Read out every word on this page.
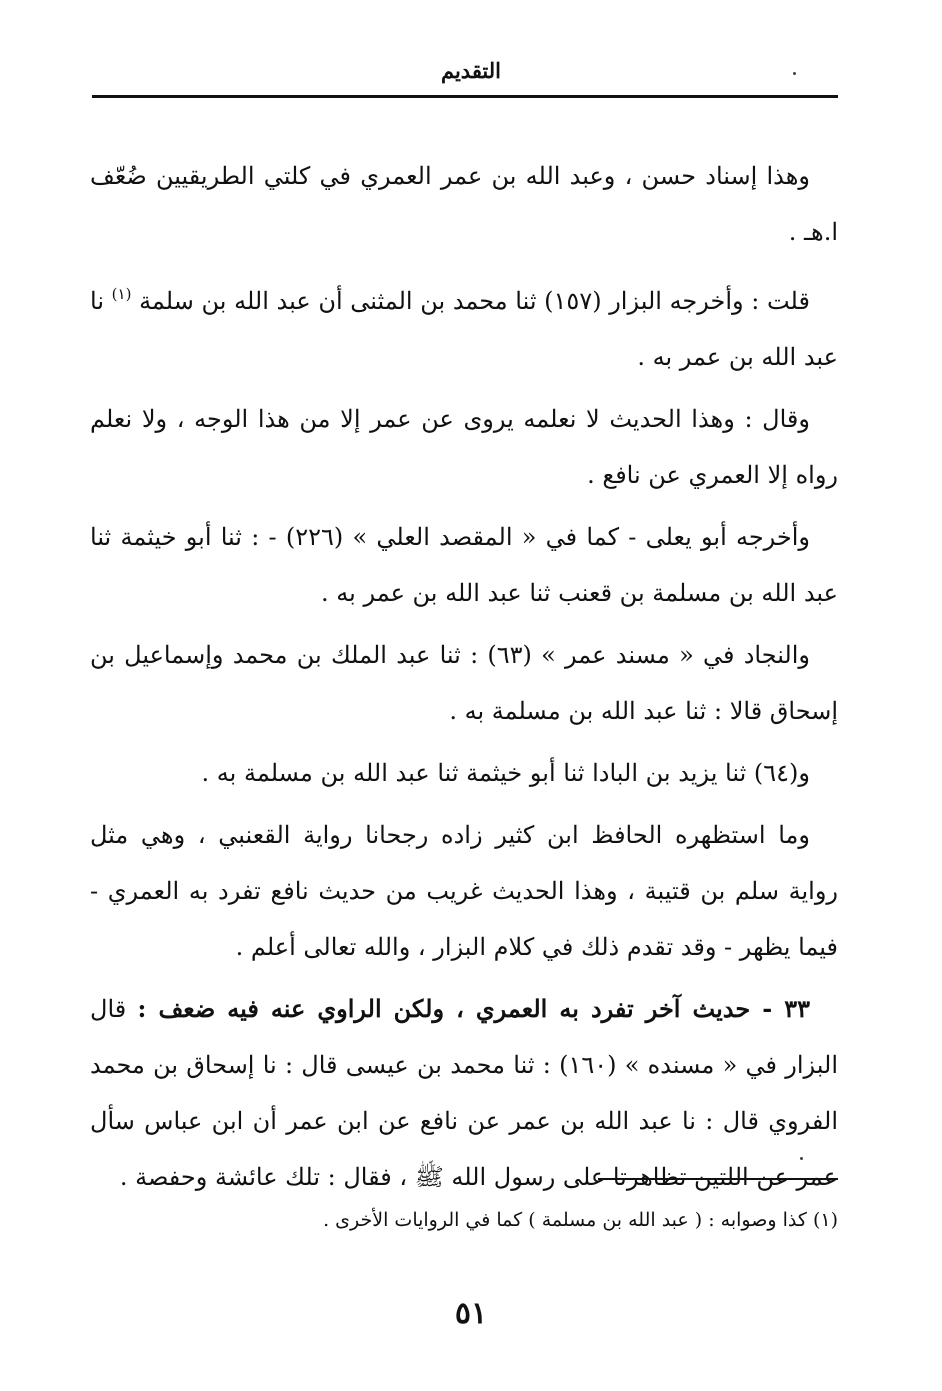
التقديم

وهذا إسناد حسن ، وعبد الله بن عمر العمري في كلتي الطريقيين ضُعّف ا.هـ .

قلت : وأخرجه البزار (١٥٧) ثنا محمد بن المثنى أن عبد الله بن سلمة $^{(١)}$ نا عبد الله بن عمر به .

وقال : وهذا الحديث لا نعلمه يروى عن عمر إلا من هذا الوجه ، ولا نعلم رواه إلا العمري عن نافع .

وأخرجه أبو يعلى - كما في « المقصد العلي » (٢٢٦) - : ثنا أبو خيثمة ثنا عبد الله بن مسلمة بن قعنب ثنا عبد الله بن عمر به .

والنجاد في « مسند عمر » (٦٣) : ثنا عبد الملك بن محمد وإسماعيل بن إسحاق قالا : ثنا عبد الله بن مسلمة به .

و(٦٤) ثنا يزيد بن البادا ثنا أبو خيثمة ثنا عبد الله بن مسلمة به .

وما استظهره الحافظ ابن كثير زاده رجحانا رواية القعنبي ، وهي مثل رواية سلم بن قتيبة ، وهذا الحديث غريب من حديث نافع تفرد به العمري - فيما يظهر - وقد تقدم ذلك في كلام البزار ، والله تعالى أعلم .

٣٣ - حديث آخر تفرد به العمري ، ولكن الراوي عنه فيه ضعف : قال البزار في « مسنده » (١٦٠) : ثنا محمد بن عيسى قال : نا إسحاق بن محمد الفروي قال : نا عبد الله بن عمر عن نافع عن ابن عمر أن ابن عباس سأل عمر عن اللتين تظاهرتا على رسول الله ﷺ ، فقال : تلك عائشة وحفصة .

(١) كذا وصوابه : ( عبد الله بن مسلمة ) كما في الروايات الأخرى .
٥١
